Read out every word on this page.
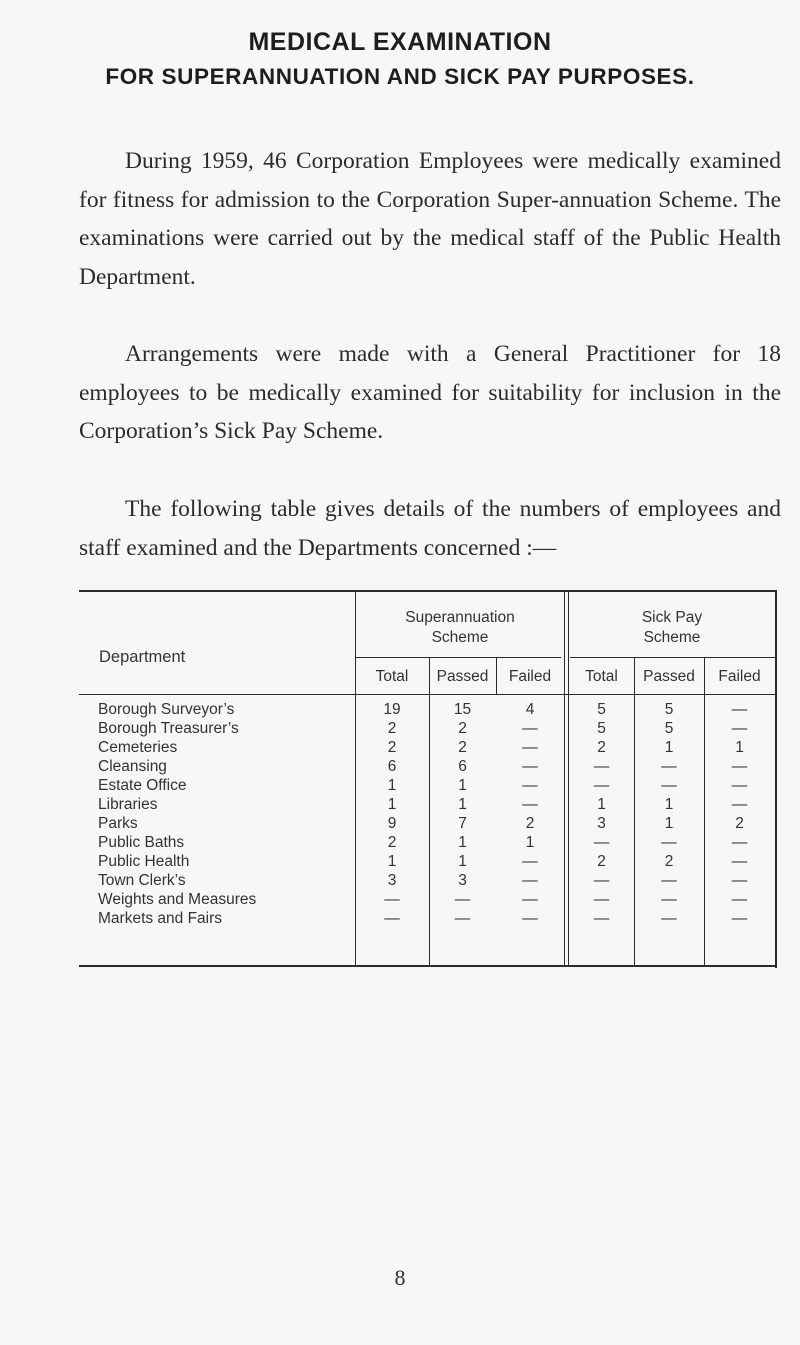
MEDICAL EXAMINATION
FOR SUPERANNUATION AND SICK PAY PURPOSES.
During 1959, 46 Corporation Employees were medically examined for fitness for admission to the Corporation Super-annuation Scheme. The examinations were carried out by the medical staff of the Public Health Department.
Arrangements were made with a General Practitioner for 18 employees to be medically examined for suitability for inclusion in the Corporation’s Sick Pay Scheme.
The following table gives details of the numbers of employees and staff examined and the Departments concerned :—
Department
Superannuation
Scheme
Sick Pay
Scheme
Total	Passed	Failed	Total	Passed	Failed
Borough Surveyor’s	19	15	4	5	5	—
Borough Treasurer’s	2	2	—	5	5	—
Cemeteries	2	2	—	2	1	1
Cleansing	6	6	—	—	—	—
Estate Office	1	1	—	—	—	—
Libraries	1	1	—	1	1	—
Parks	9	7	2	3	1	2
Public Baths	2	1	1	—	—	—
Public Health	1	1	—	2	2	—
Town Clerk’s	3	3	—	—	—	—
Weights and Measures	—	—	—	—	—	—
Markets and Fairs	—	—	—	—	—	—
8
